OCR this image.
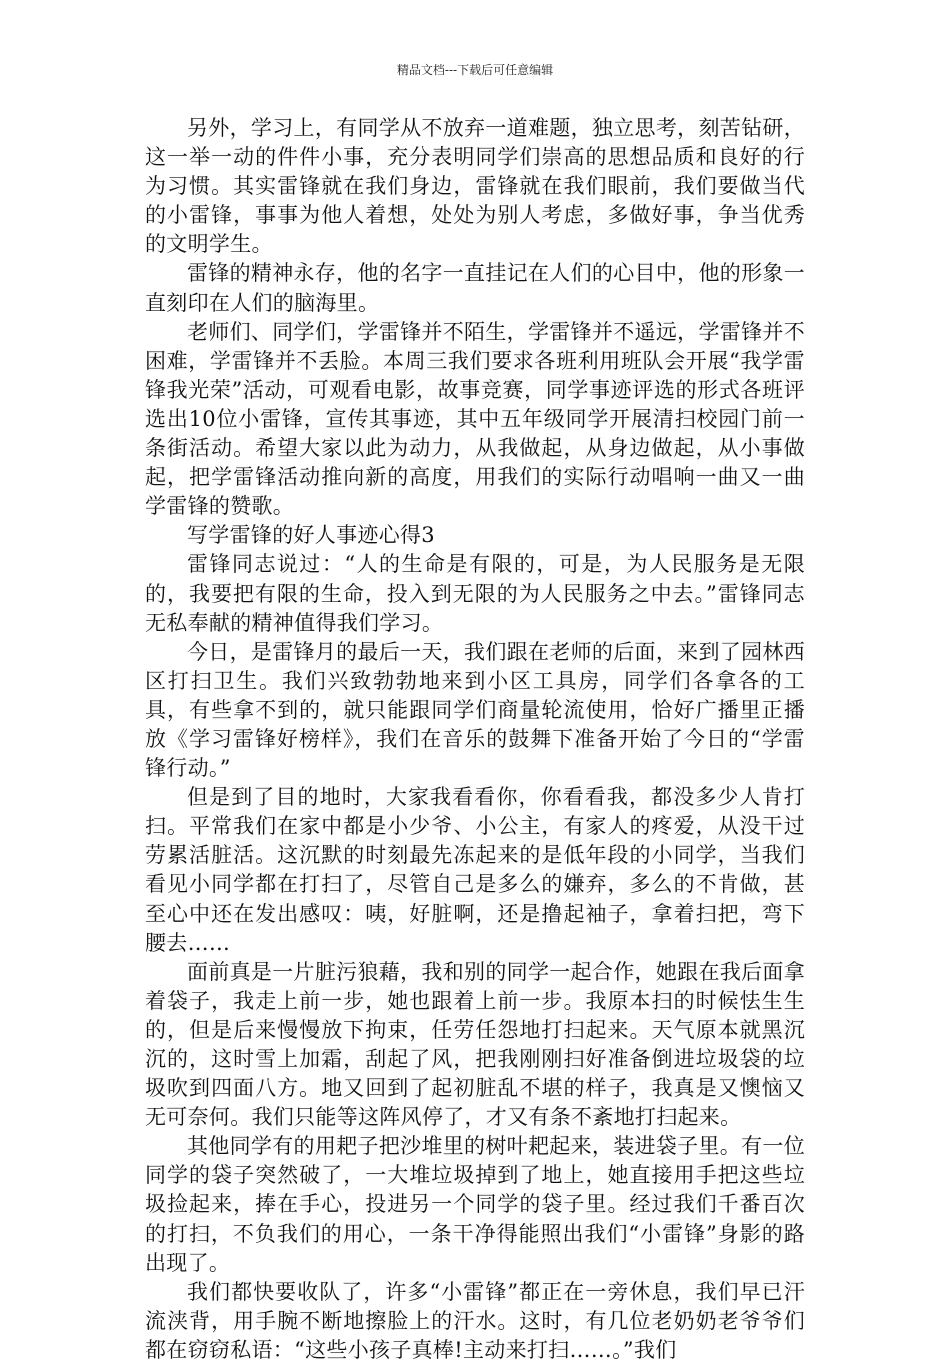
精品文档---下载后可任意编辑

另外，学习上，有同学从不放弃一道难题，独立思考，刻苦钻研，这一举一动的件件小事，充分表明同学们崇高的思想品质和良好的行为习惯。其实雷锋就在我们身边，雷锋就在我们眼前，我们要做当代的小雷锋，事事为他人着想，处处为别人考虑，多做好事，争当优秀的文明学生。

雷锋的精神永存，他的名字一直挂记在人们的心目中，他的形象一直刻印在人们的脑海里。

老师们、同学们，学雷锋并不陌生，学雷锋并不遥远，学雷锋并不困难，学雷锋并不丢脸。本周三我们要求各班利用班队会开展“我学雷锋我光荣”活动，可观看电影，故事竞赛，同学事迹评选的形式各班评选出10位小雷锋，宣传其事迹，其中五年级同学开展清扫校园门前一条街活动。希望大家以此为动力，从我做起，从身边做起，从小事做起，把学雷锋活动推向新的高度，用我们的实际行动唱响一曲又一曲学雷锋的赞歌。

写学雷锋的好人事迹心得3

雷锋同志说过：“人的生命是有限的，可是，为人民服务是无限的，我要把有限的生命，投入到无限的为人民服务之中去。”雷锋同志无私奉献的精神值得我们学习。

今日，是雷锋月的最后一天，我们跟在老师的后面，来到了园林西区打扫卫生。我们兴致勃勃地来到小区工具房，同学们各拿各的工具，有些拿不到的，就只能跟同学们商量轮流使用，恰好广播里正播放《学习雷锋好榜样》，我们在音乐的鼓舞下准备开始了今日的“学雷锋行动。”

但是到了目的地时，大家我看看你，你看看我，都没多少人肯打扫。平常我们在家中都是小少爷、小公主，有家人的疼爱，从没干过劳累活脏活。这沉默的时刻最先冻起来的是低年段的小同学，当我们看见小同学都在打扫了，尽管自己是多么的嫌弃，多么的不肯做，甚至心中还在发出感叹：咦，好脏啊，还是撸起袖子，拿着扫把，弯下腰去……

面前真是一片脏污狼藉，我和别的同学一起合作，她跟在我后面拿着袋子，我走上前一步，她也跟着上前一步。我原本扫的时候怯生生的，但是后来慢慢放下拘束，任劳任怨地打扫起来。天气原本就黑沉沉的，这时雪上加霜，刮起了风，把我刚刚扫好准备倒进垃圾袋的垃圾吹到四面八方。地又回到了起初脏乱不堪的样子，我真是又懊恼又无可奈何。我们只能等这阵风停了，才又有条不紊地打扫起来。

其他同学有的用耙子把沙堆里的树叶耙起来，装进袋子里。有一位同学的袋子突然破了，一大堆垃圾掉到了地上，她直接用手把这些垃圾捡起来，捧在手心，投进另一个同学的袋子里。经过我们千番百次的打扫，不负我们的用心，一条干净得能照出我们“小雷锋”身影的路出现了。

我们都快要收队了，许多“小雷锋”都正在一旁休息，我们早已汗流浃背，用手腕不断地擦脸上的汗水。这时，有几位老奶奶老爷爷们都在窃窃私语：“这些小孩子真棒!主动来打扫……。”我们
